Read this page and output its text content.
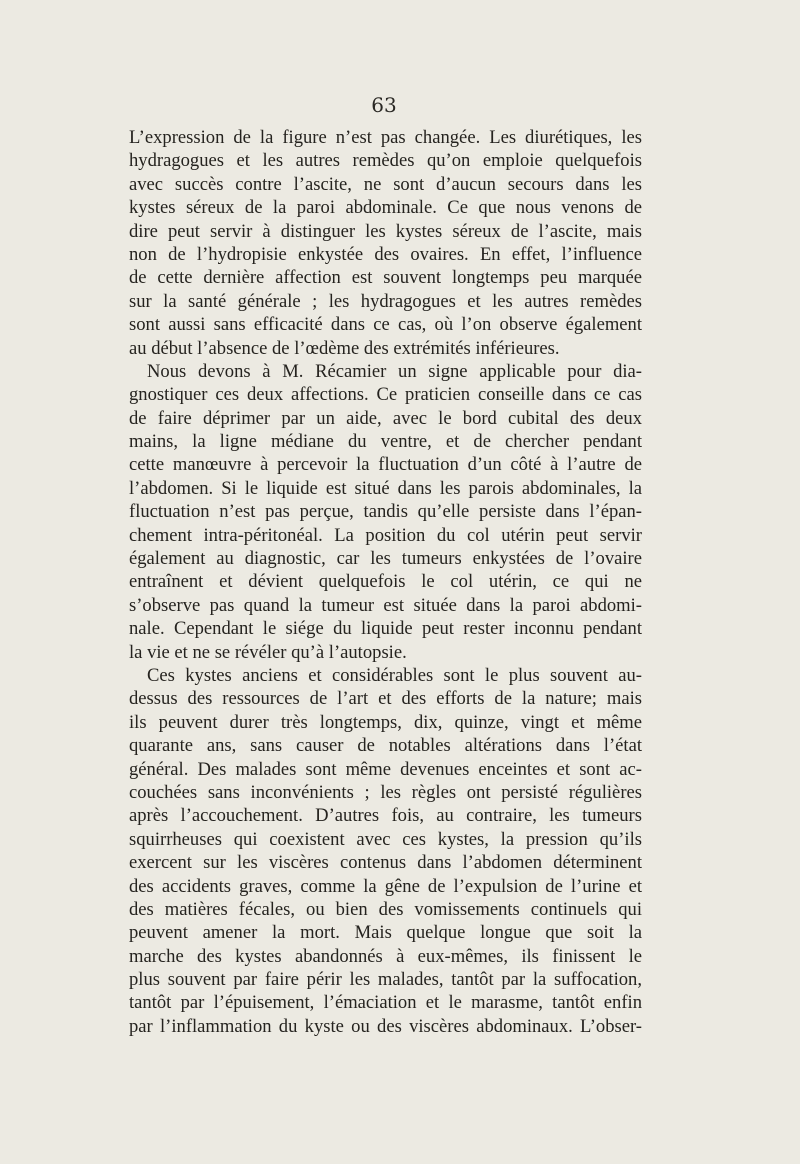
63
L’expression de la figure n’est pas changée. Les diurétiques, les
hydragogues et les autres remèdes qu’on emploie quelquefois
avec succès contre l’ascite, ne sont d’aucun secours dans les
kystes séreux de la paroi abdominale. Ce que nous venons de
dire peut servir à distinguer les kystes séreux de l’ascite, mais
non de l’hydropisie enkystée des ovaires. En effet, l’influence
de cette dernière affection est souvent longtemps peu marquée
sur la santé générale ; les hydragogues et les autres remèdes
sont aussi sans efficacité dans ce cas, où l’on observe également
au début l’absence de l’œdème des extrémités inférieures.
Nous devons à M. Récamier un signe applicable pour dia-
gnostiquer ces deux affections. Ce praticien conseille dans ce cas
de faire déprimer par un aide, avec le bord cubital des deux
mains, la ligne médiane du ventre, et de chercher pendant
cette manœuvre à percevoir la fluctuation d’un côté à l’autre de
l’abdomen. Si le liquide est situé dans les parois abdominales, la
fluctuation n’est pas perçue, tandis qu’elle persiste dans l’épan-
chement intra-péritonéal. La position du col utérin peut servir
également au diagnostic, car les tumeurs enkystées de l’ovaire
entraînent et dévient quelquefois le col utérin, ce qui ne
s’observe pas quand la tumeur est située dans la paroi abdomi-
nale. Cependant le siége du liquide peut rester inconnu pendant
la vie et ne se révéler qu’à l’autopsie.
Ces kystes anciens et considérables sont le plus souvent au-
dessus des ressources de l’art et des efforts de la nature; mais
ils peuvent durer très longtemps, dix, quinze, vingt et même
quarante ans, sans causer de notables altérations dans l’état
général. Des malades sont même devenues enceintes et sont ac-
couchées sans inconvénients ; les règles ont persisté régulières
après l’accouchement. D’autres fois, au contraire, les tumeurs
squirrheuses qui coexistent avec ces kystes, la pression qu’ils
exercent sur les viscères contenus dans l’abdomen déterminent
des accidents graves, comme la gêne de l’expulsion de l’urine et
des matières fécales, ou bien des vomissements continuels qui
peuvent amener la mort. Mais quelque longue que soit la
marche des kystes abandonnés à eux-mêmes, ils finissent le
plus souvent par faire périr les malades, tantôt par la suffocation,
tantôt par l’épuisement, l’émaciation et le marasme, tantôt enfin
par l’inflammation du kyste ou des viscères abdominaux. L’obser-
